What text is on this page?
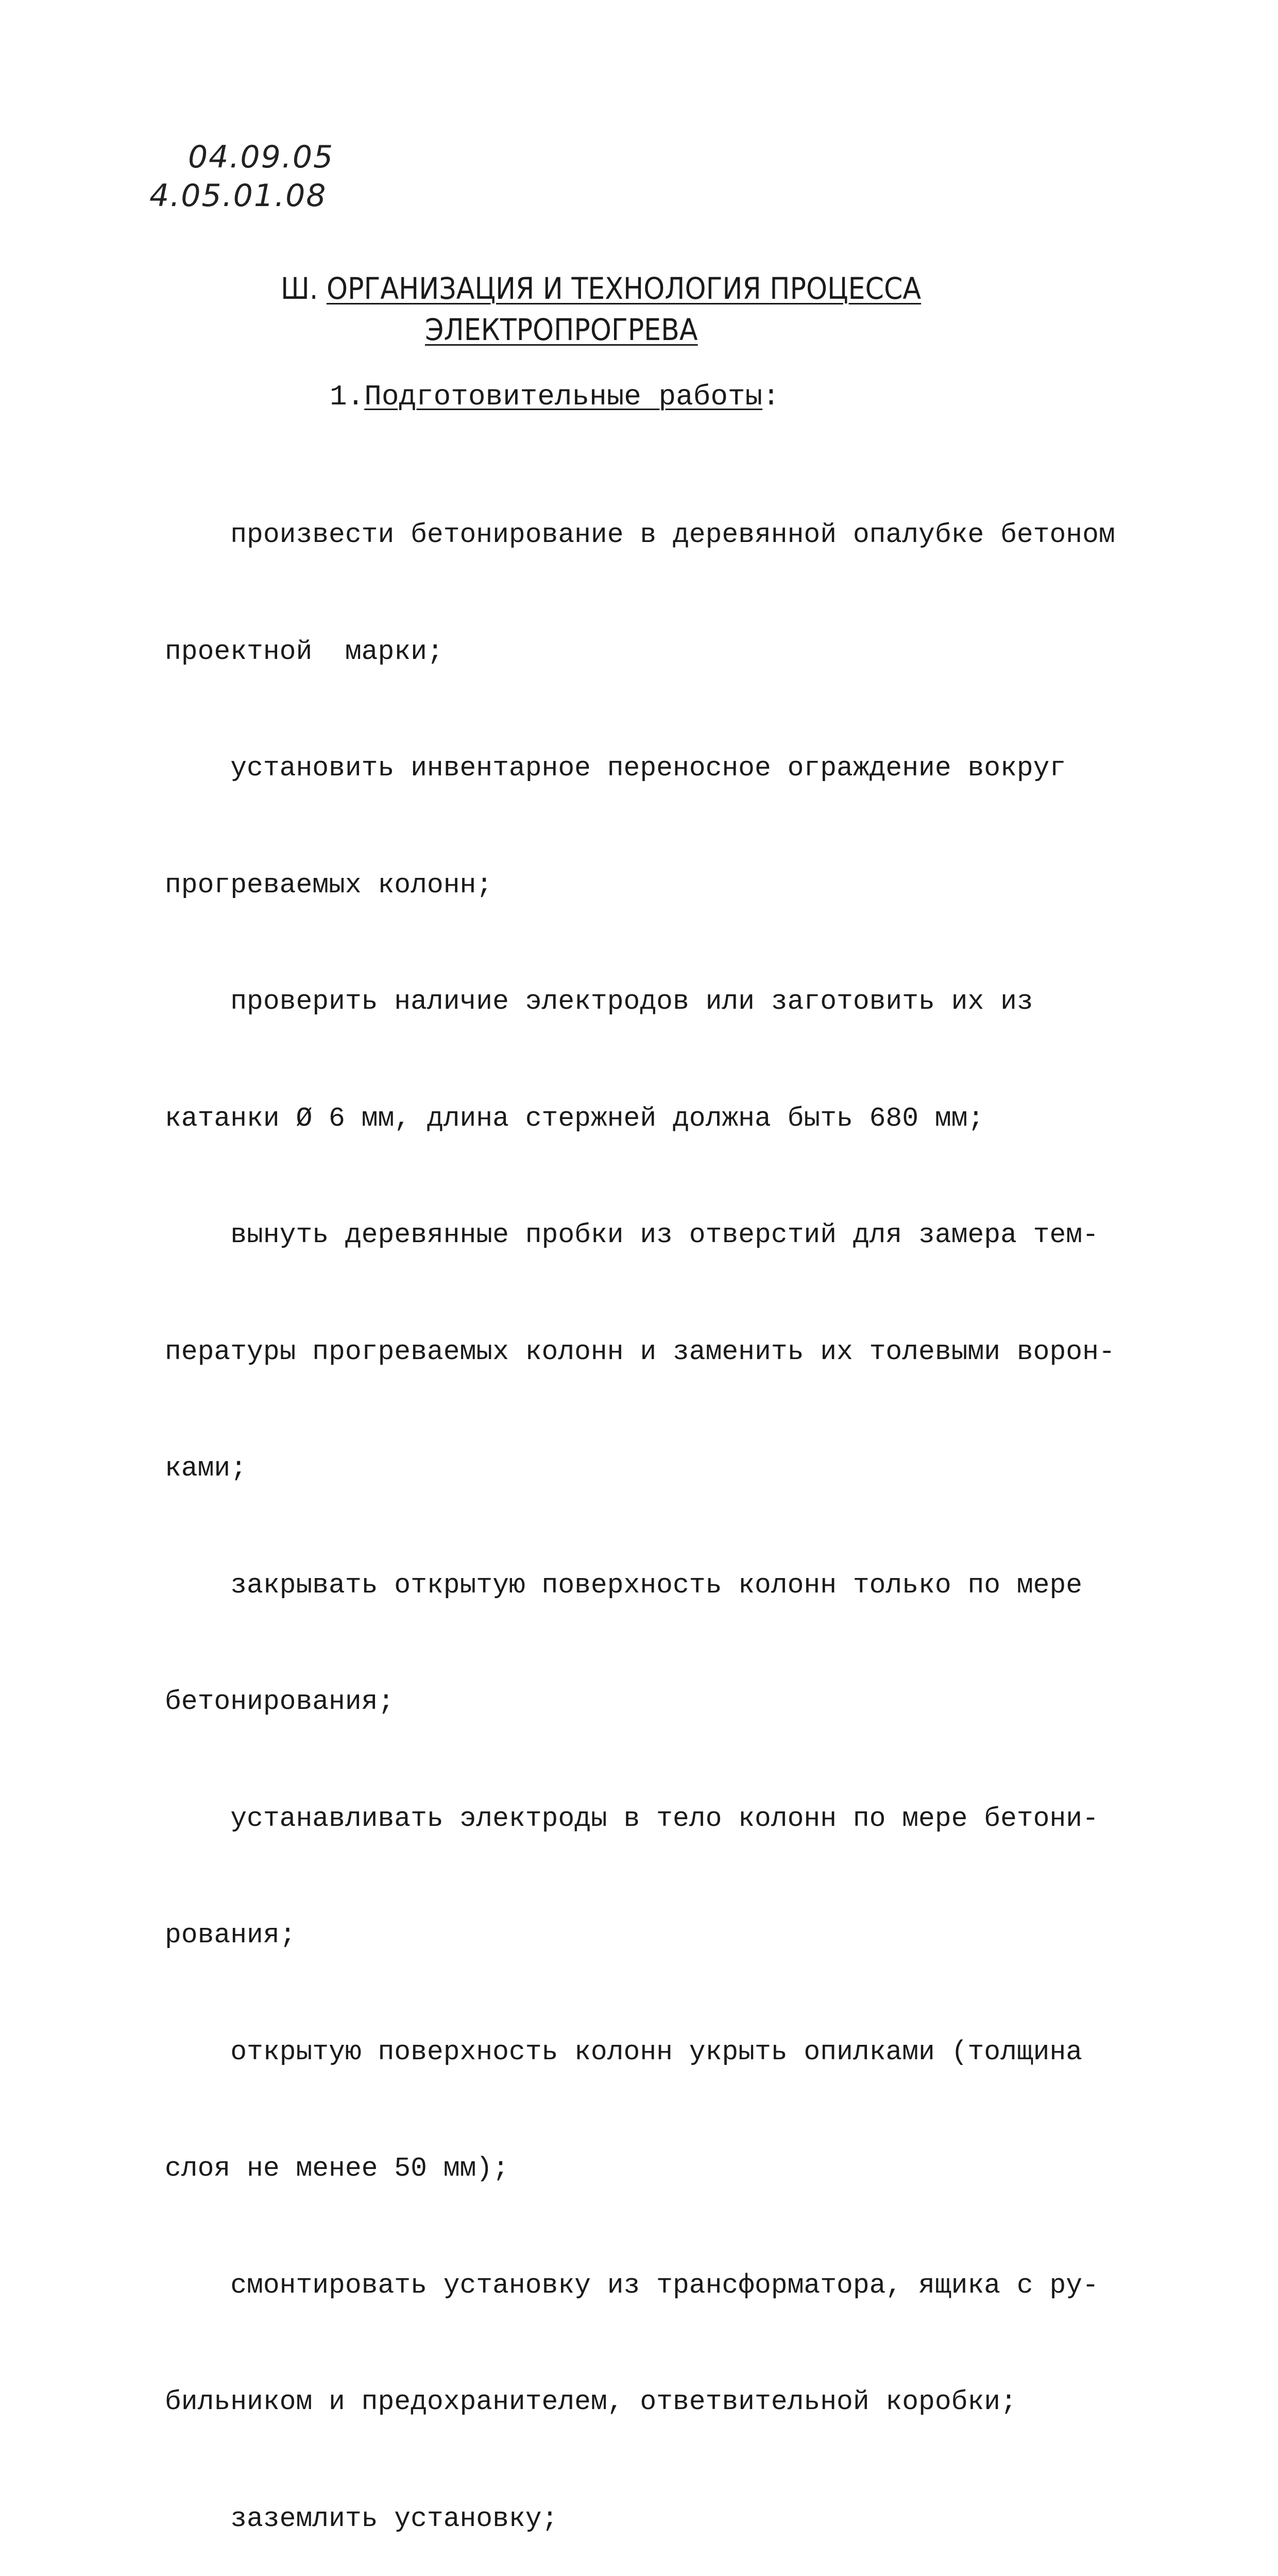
04.09.05
4.05.01.08
Ш. ОРГАНИЗАЦИЯ И ТЕХНОЛОГИЯ ПРОЦЕССА
ЭЛЕКТРОПРОГРЕВА
1.Подготовительные работы:

произвести бетонирование в деревянной опалубке бетоном

проектной  марки;

установить инвентарное переносное ограждение вокруг

прогреваемых колонн;

проверить наличие электродов или заготовить их из

катанки Ø 6 мм, длина стержней должна быть 680 мм;

вынуть деревянные пробки из отверстий для замера тем-

пературы прогреваемых колонн и заменить их толевыми ворон-

ками;

закрывать открытую поверхность колонн только по мере

бетонирования;

устанавливать электроды в тело колонн по мере бетони-

рования;

открытую поверхность колонн укрыть опилками (толщина

слоя не менее 50 мм);

смонтировать установку из трансформатора, ящика с ру-

бильником и предохранителем, ответвительной коробки;

заземлить установку;
